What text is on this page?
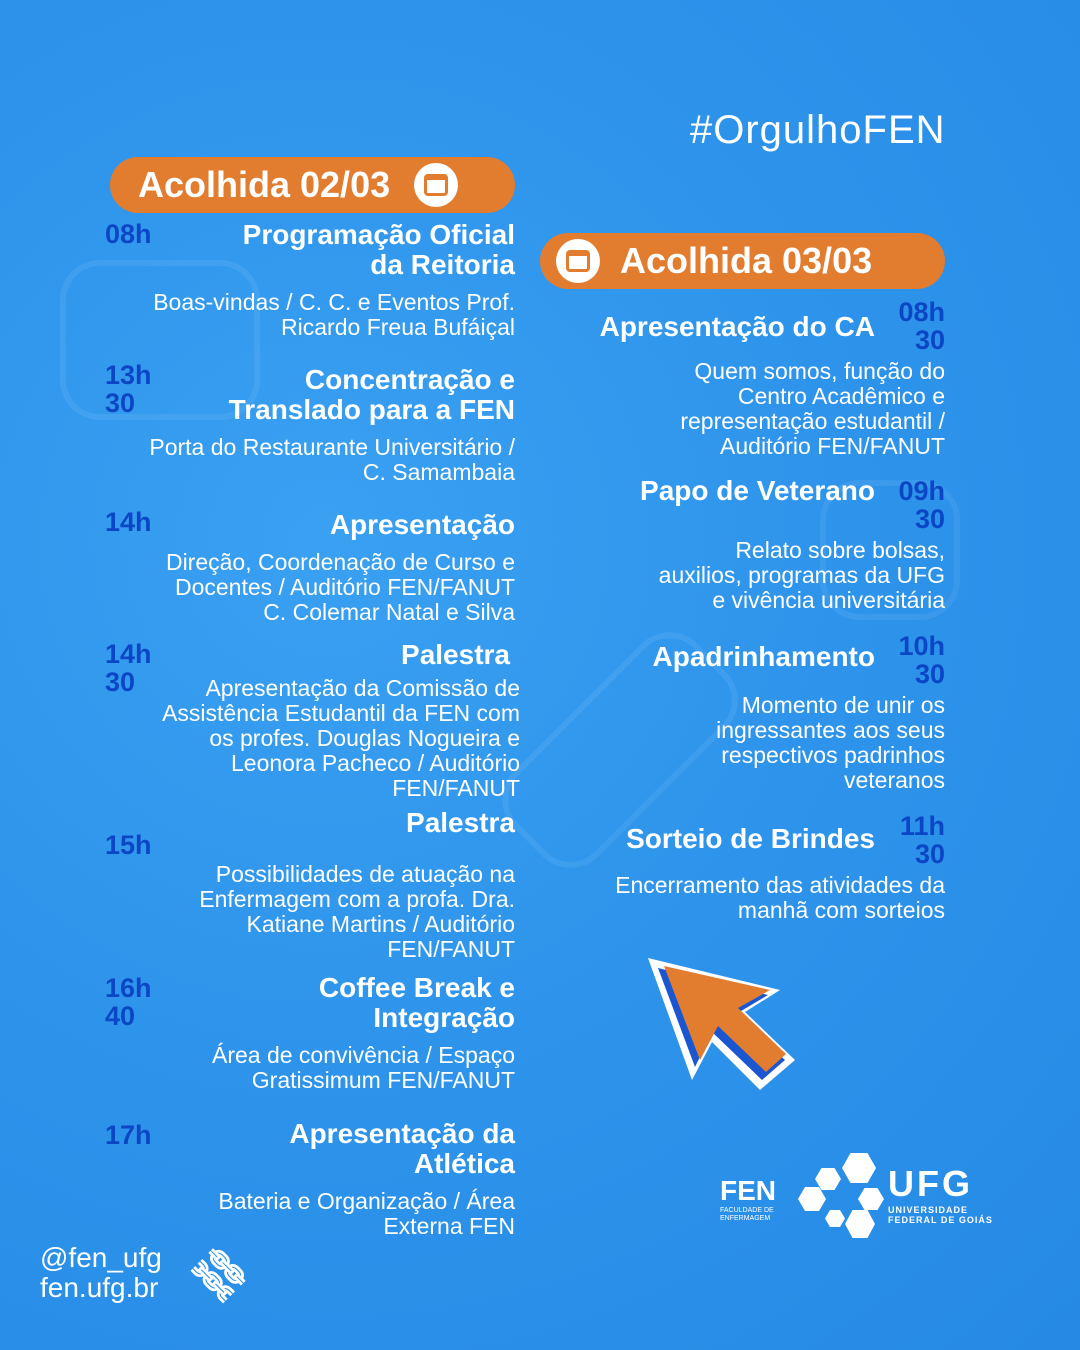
#OrgulhoFEN
Acolhida 02/03
Acolhida 03/03
Programação Oficial
da Reitoria
Boas-vindas / C. C. e Eventos Prof.
Ricardo Freua Bufáiçal
08h
Concentração e
Translado para a FEN
Porta do Restaurante Universitário /
C. Samambaia
13h
30
Apresentação
Direção, Coordenação de Curso e
Docentes / Auditório FEN/FANUT
C. Colemar Natal e Silva
14h
Palestra
Apresentação da Comissão de
Assistência Estudantil da FEN com
os profes. Douglas Nogueira e
Leonora Pacheco / Auditório
FEN/FANUT
14h
30
Palestra
Possibilidades de atuação na
Enfermagem com a profa. Dra.
Katiane Martins / Auditório
FEN/FANUT
15h
Coffee Break e
Integração
Área de convivência / Espaço
Gratissimum FEN/FANUT
16h
40
Apresentação da
Atlética
Bateria e Organização / Área
Externa FEN
17h
Apresentação do CA
Quem somos, função do
Centro Acadêmico e
representação estudantil /
Auditório FEN/FANUT
08h
30
Papo de Veterano
Relato sobre bolsas,
auxilios, programas da UFG
e vivência universitária
09h
30
Apadrinhamento
Momento de unir os
ingressantes aos seus
respectivos padrinhos
veteranos
10h
30
Sorteio de Brindes
Encerramento das atividades da
manhã com sorteios
11h
30
@fen_ufg
fen.ufg.br ⛓
FEN
FACULDADE DE
ENFERMAGEM
UFG
UNIVERSIDADE
FEDERAL DE GOIÁS
